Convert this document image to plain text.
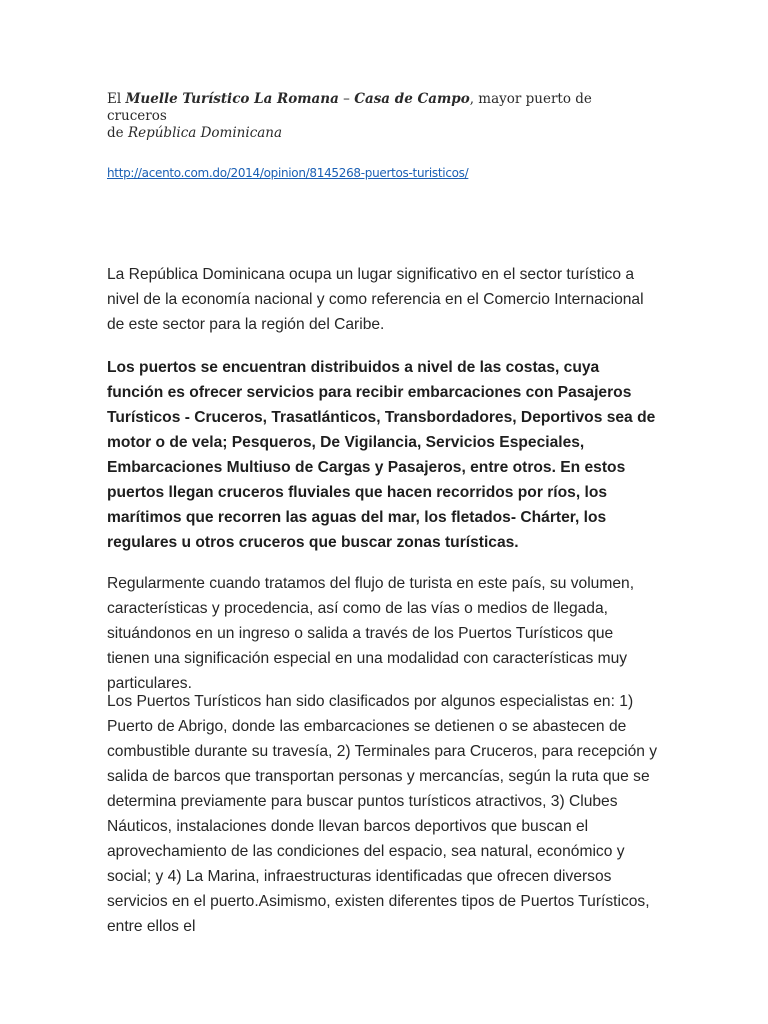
El Muelle Turístico La Romana – Casa de Campo, mayor puerto de cruceros
de República Dominicana
http://acento.com.do/2014/opinion/8145268-puertos-turisticos/

La República Dominicana ocupa un lugar significativo en el sector turístico a nivel de la economía nacional y como referencia en el Comercio Internacional de este sector para la región del Caribe.

Los puertos se encuentran distribuidos a nivel de las costas, cuya función es ofrecer servicios para recibir embarcaciones con Pasajeros Turísticos - Cruceros, Trasatlánticos, Transbordadores, Deportivos sea de motor o de vela; Pesqueros, De Vigilancia, Servicios Especiales, Embarcaciones Multiuso de Cargas y Pasajeros, entre otros. En estos puertos llegan cruceros fluviales que hacen recorridos por ríos, los marítimos que recorren las aguas del mar, los fletados- Chárter, los regulares u otros cruceros que buscar zonas turísticas.

Regularmente cuando tratamos del flujo de turista en este país, su volumen, características y procedencia, así como de las vías o medios de llegada, situándonos en un ingreso o salida a través de los Puertos Turísticos que tienen una significación especial en una modalidad con características muy particulares.

Los Puertos Turísticos han sido clasificados por algunos especialistas en: 1) Puerto de Abrigo, donde las embarcaciones se detienen o se abastecen de combustible durante su travesía, 2) Terminales para Cruceros, para recepción y salida de barcos que transportan personas y mercancías, según la ruta que se determina previamente para buscar puntos turísticos atractivos, 3) Clubes Náuticos, instalaciones donde llevan barcos deportivos que buscan el aprovechamiento de las condiciones del espacio, sea natural, económico y social; y 4) La Marina, infraestructuras identificadas que ofrecen diversos servicios en el puerto.Asimismo, existen diferentes tipos de Puertos Turísticos, entre ellos el
